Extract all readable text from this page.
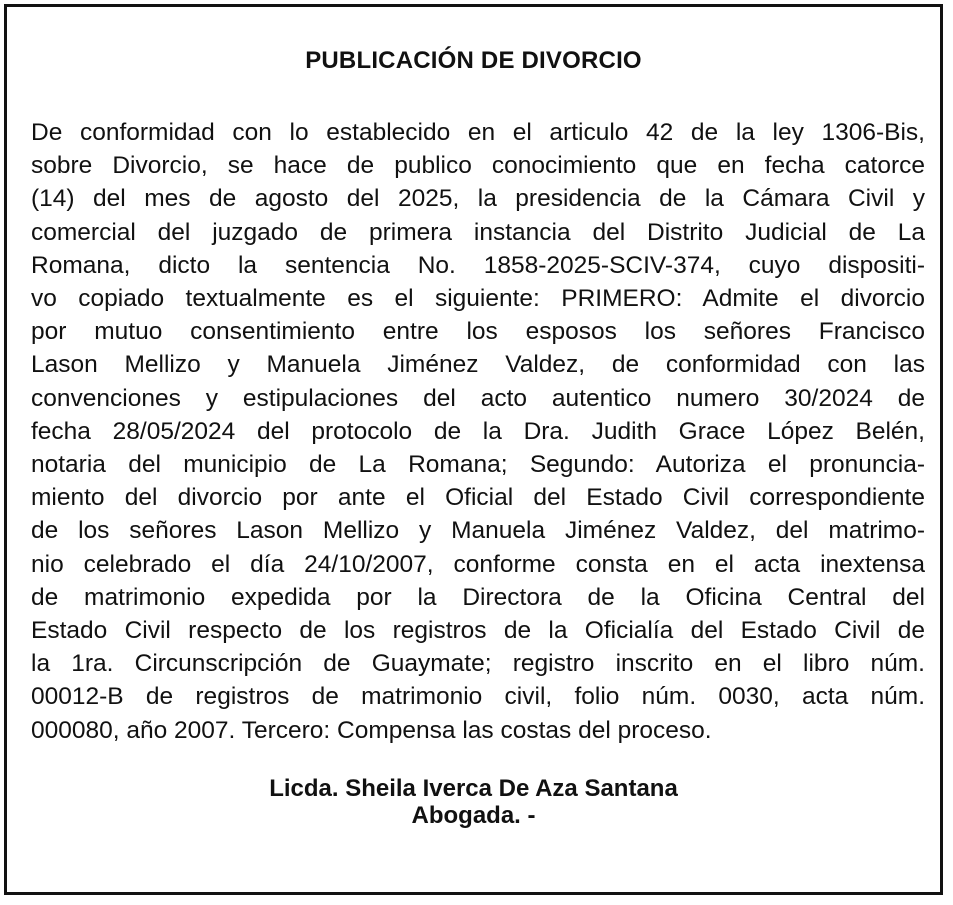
PUBLICACIÓN DE DIVORCIO
De conformidad con lo establecido en el articulo 42 de la ley 1306-Bis,
sobre Divorcio, se hace de publico conocimiento que en fecha catorce
(14) del mes de agosto del 2025, la presidencia de la Cámara Civil y
comercial del juzgado de primera instancia del Distrito Judicial de La
Romana, dicto la sentencia No. 1858-2025-SCIV-374, cuyo dispositi-
vo copiado textualmente es el siguiente: PRIMERO: Admite el divorcio
por mutuo consentimiento entre los esposos los señores Francisco
Lason Mellizo y Manuela Jiménez Valdez, de conformidad con las
convenciones y estipulaciones del acto autentico numero 30/2024 de
fecha 28/05/2024 del protocolo de la Dra. Judith Grace López Belén,
notaria del municipio de La Romana; Segundo: Autoriza el pronuncia-
miento del divorcio por ante el Oficial del Estado Civil correspondiente
de los señores Lason Mellizo y Manuela Jiménez Valdez, del matrimo-
nio celebrado el día 24/10/2007, conforme consta en el acta inextensa
de matrimonio expedida por la Directora de la Oficina Central del
Estado Civil respecto de los registros de la Oficialía del Estado Civil de
la 1ra. Circunscripción de Guaymate; registro inscrito en el libro núm.
00012-B de registros de matrimonio civil, folio núm. 0030, acta núm.
000080, año 2007. Tercero: Compensa las costas del proceso.
Licda. Sheila Iverca De Aza Santana
Abogada. -
